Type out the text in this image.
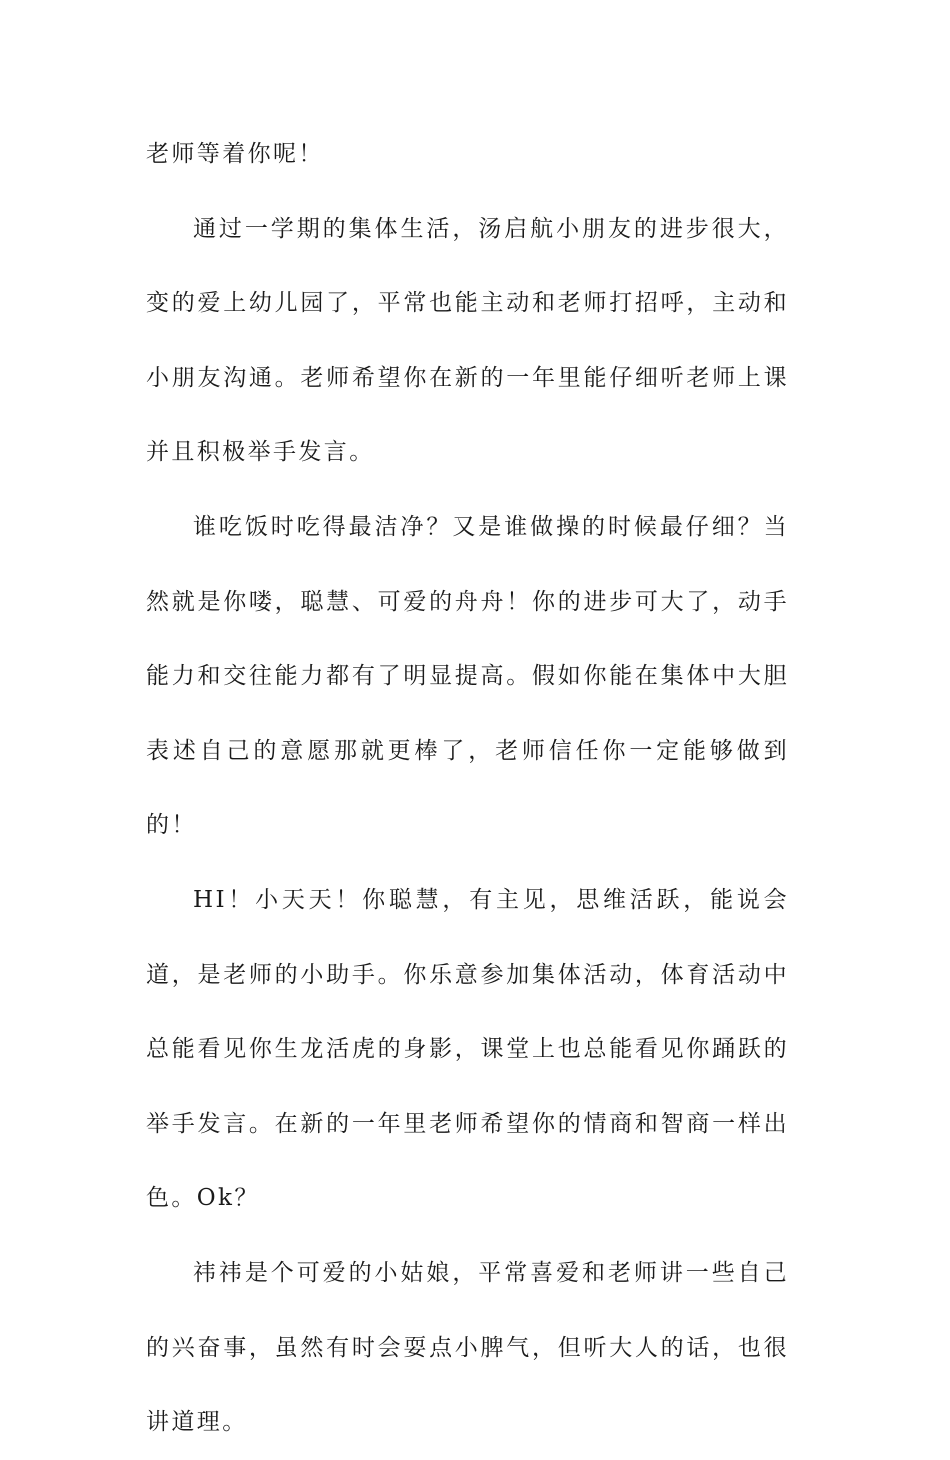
老师等着你呢！

通过一学期的集体生活，汤启航小朋友的进步很大，变的爱上幼儿园了，平常也能主动和老师打招呼，主动和小朋友沟通。老师希望你在新的一年里能仔细听老师上课并且积极举手发言。

谁吃饭时吃得最洁净？又是谁做操的时候最仔细？当然就是你喽，聪慧、可爱的舟舟！你的进步可大了，动手能力和交往能力都有了明显提高。假如你能在集体中大胆表述自己的意愿那就更棒了，老师信任你一定能够做到的！

HI！小天天！你聪慧，有主见，思维活跃，能说会道，是老师的小助手。你乐意参加集体活动，体育活动中总能看见你生龙活虎的身影，课堂上也总能看见你踊跃的举手发言。在新的一年里老师希望你的情商和智商一样出色。Ok？

祎祎是个可爱的小姑娘，平常喜爱和老师讲一些自己的兴奋事，虽然有时会耍点小脾气，但听大人的话，也很讲道理。
